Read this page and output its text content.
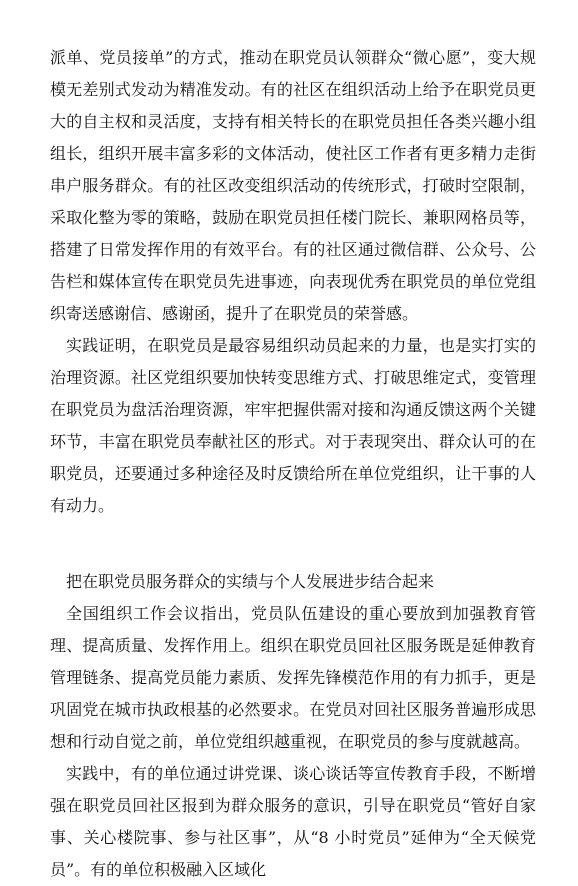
派单、党员接单”的方式，推动在职党员认领群众“微心愿”，变大规模无差别式发动为精准发动。有的社区在组织活动上给予在职党员更大的自主权和灵活度，支持有相关特长的在职党员担任各类兴趣小组组长，组织开展丰富多彩的文体活动，使社区工作者有更多精力走街串户服务群众。有的社区改变组织活动的传统形式，打破时空限制，采取化整为零的策略，鼓励在职党员担任楼门院长、兼职网格员等，搭建了日常发挥作用的有效平台。有的社区通过微信群、公众号、公告栏和媒体宣传在职党员先进事迹，向表现优秀在职党员的单位党组织寄送感谢信、感谢函，提升了在职党员的荣誉感。

实践证明，在职党员是最容易组织动员起来的力量，也是实打实的治理资源。社区党组织要加快转变思维方式、打破思维定式，变管理在职党员为盘活治理资源，牢牢把握供需对接和沟通反馈这两个关键环节，丰富在职党员奉献社区的形式。对于表现突出、群众认可的在职党员，还要通过多种途径及时反馈给所在单位党组织，让干事的人有动力。

把在职党员服务群众的实绩与个人发展进步结合起来

全国组织工作会议指出，党员队伍建设的重心要放到加强教育管理、提高质量、发挥作用上。组织在职党员回社区服务既是延伸教育管理链条、提高党员能力素质、发挥先锋模范作用的有力抓手，更是巩固党在城市执政根基的必然要求。在党员对回社区服务普遍形成思想和行动自觉之前，单位党组织越重视，在职党员的参与度就越高。

实践中，有的单位通过讲党课、谈心谈话等宣传教育手段，不断增强在职党员回社区报到为群众服务的意识，引导在职党员“管好自家事、关心楼院事、参与社区事”，从“8 小时党员”延伸为“全天候党员”。有的单位积极融入区域化
